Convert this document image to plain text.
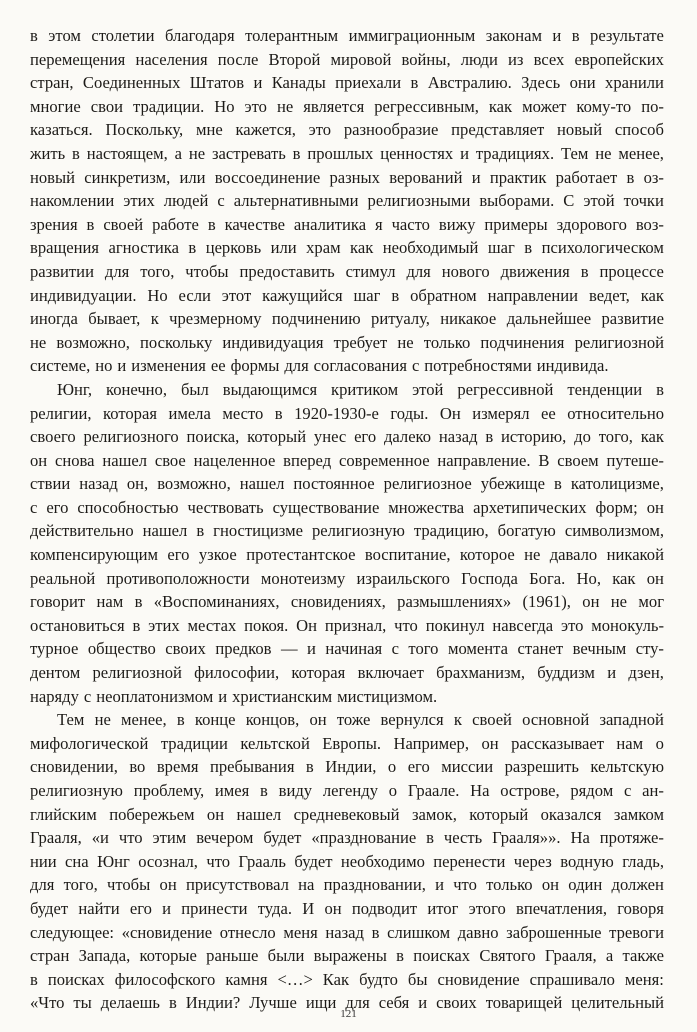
в этом столетии благодаря толерантным иммиграционным законам и в результате
перемещения населения после Второй мировой войны, люди из всех европейских
стран, Соединенных Штатов и Канады приехали в Австралию. Здесь они хранили
многие свои традиции. Но это не является регрессивным, как может кому-то по-
казаться. Поскольку, мне кажется, это разнообразие представляет новый способ
жить в настоящем, а не застревать в прошлых ценностях и традициях. Тем не менее,
новый синкретизм, или воссоединение разных верований и практик работает в оз-
накомлении этих людей с альтернативными религиозными выборами. С этой точки
зрения в своей работе в качестве аналитика я часто вижу примеры здорового воз-
вращения агностика в церковь или храм как необходимый шаг в психологическом
развитии для того, чтобы предоставить стимул для нового движения в процессе
индивидуации. Но если этот кажущийся шаг в обратном направлении ведет, как
иногда бывает, к чрезмерному подчинению ритуалу, никакое дальнейшее развитие
не возможно, поскольку индивидуация требует не только подчинения религиозной
системе, но и изменения ее формы для согласования с потребностями индивида.
Юнг, конечно, был выдающимся критиком этой регрессивной тенденции в
религии, которая имела место в 1920-1930-е годы. Он измерял ее относительно
своего религиозного поиска, который унес его далеко назад в историю, до того, как
он снова нашел свое нацеленное вперед современное направление. В своем путеше-
ствии назад он, возможно, нашел постоянное религиозное убежище в католицизме,
с его способностью чествовать существование множества архетипических форм; он
действительно нашел в гностицизме религиозную традицию, богатую символизмом,
компенсирующим его узкое протестантское воспитание, которое не давало никакой
реальной противоположности монотеизму израильского Господа Бога. Но, как он
говорит нам в «Воспоминаниях, сновидениях, размышлениях» (1961), он не мог
остановиться в этих местах покоя. Он признал, что покинул навсегда это монокуль-
турное общество своих предков — и начиная с того момента станет вечным сту-
дентом религиозной философии, которая включает брахманизм, буддизм и дзен,
наряду с неоплатонизмом и христианским мистицизмом.
Тем не менее, в конце концов, он тоже вернулся к своей основной западной
мифологической традиции кельтской Европы. Например, он рассказывает нам о
сновидении, во время пребывания в Индии, о его миссии разрешить кельтскую
религиозную проблему, имея в виду легенду о Граале. На острове, рядом с ан-
глийским побережьем он нашел средневековый замок, который оказался замком
Грааля, «и что этим вечером будет «празднование в честь Грааля»». На протяже-
нии сна Юнг осознал, что Грааль будет необходимо перенести через водную гладь,
для того, чтобы он присутствовал на праздновании, и что только он один должен
будет найти его и принести туда. И он подводит итог этого впечатления, говоря
следующее: «сновидение отнесло меня назад в слишком давно заброшенные тревоги
стран Запада, которые раньше были выражены в поисках Святого Грааля, а также
в поисках философского камня <…> Как будто бы сновидение спрашивало меня:
«Что ты делаешь в Индии? Лучше ищи для себя и своих товарищей целительный
121
